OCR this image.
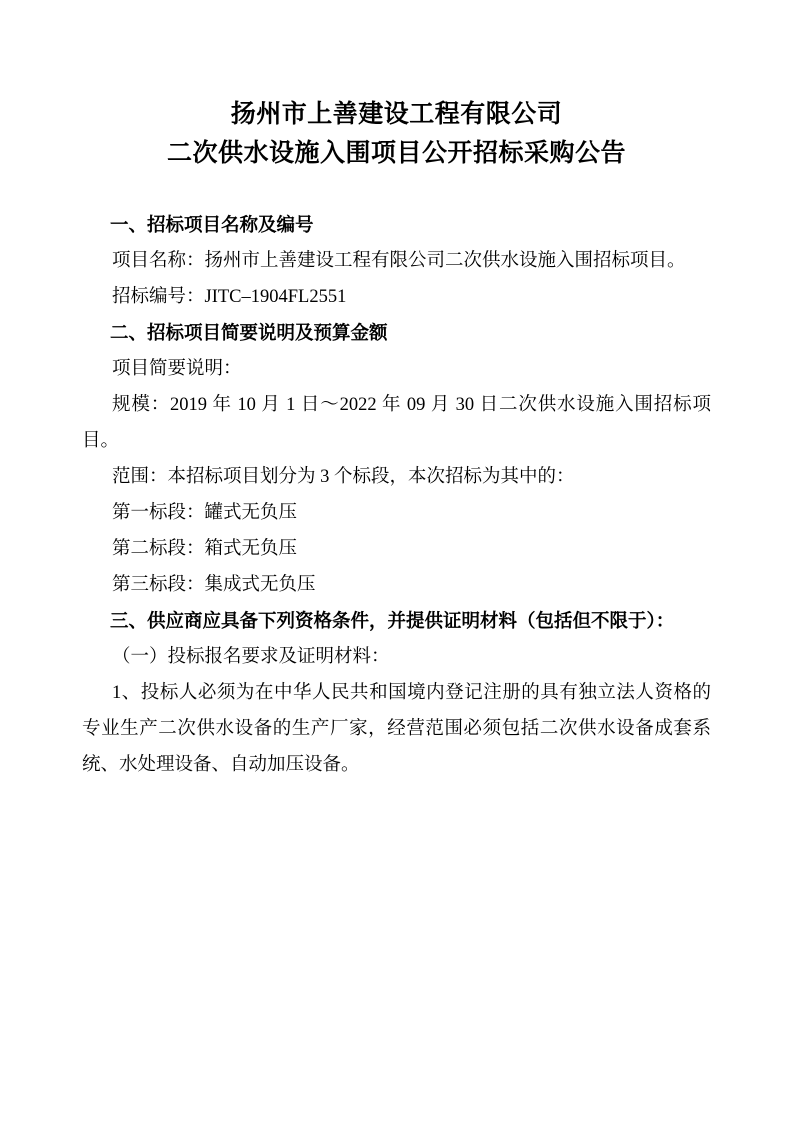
扬州市上善建设工程有限公司
二次供水设施入围项目公开招标采购公告
一、招标项目名称及编号
项目名称：扬州市上善建设工程有限公司二次供水设施入围招标项目。
招标编号：JITC–1904FL2551
二、招标项目简要说明及预算金额
项目简要说明：
规模：2019 年 10 月 1 日～2022 年 09 月 30 日二次供水设施入围招标项目。
范围：本招标项目划分为 3 个标段，本次招标为其中的：
第一标段：罐式无负压
第二标段：箱式无负压
第三标段：集成式无负压
三、供应商应具备下列资格条件，并提供证明材料（包括但不限于）：
（一）投标报名要求及证明材料：
1、投标人必须为在中华人民共和国境内登记注册的具有独立法人资格的专业生产二次供水设备的生产厂家，经营范围必须包括二次供水设备成套系统、水处理设备、自动加压设备。
